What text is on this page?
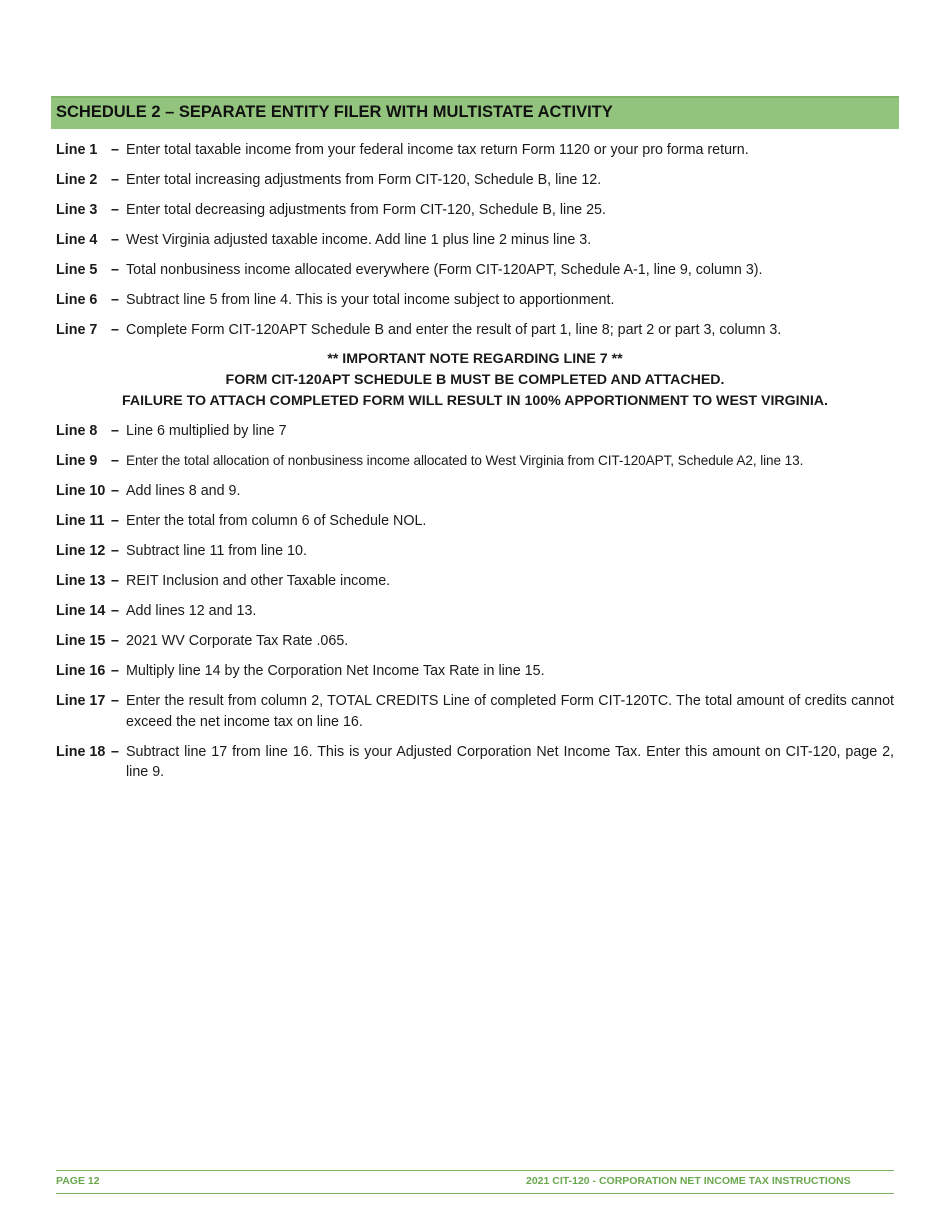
SCHEDULE 2 – SEPARATE ENTITY FILER WITH MULTISTATE ACTIVITY
Line 1 – Enter total taxable income from your federal income tax return Form 1120 or your pro forma return.
Line 2 – Enter total increasing adjustments from Form CIT-120, Schedule B, line 12.
Line 3 – Enter total decreasing adjustments from Form CIT-120, Schedule B, line 25.
Line 4 – West Virginia adjusted taxable income. Add line 1 plus line 2 minus line 3.
Line 5 – Total nonbusiness income allocated everywhere (Form CIT-120APT, Schedule A-1, line 9, column 3).
Line 6 – Subtract line 5 from line 4. This is your total income subject to apportionment.
Line 7 – Complete Form CIT-120APT Schedule B and enter the result of part 1, line 8; part 2 or part 3, column 3.
** IMPORTANT NOTE REGARDING LINE 7 **
FORM CIT-120APT SCHEDULE B MUST BE COMPLETED AND ATTACHED.
FAILURE TO ATTACH COMPLETED FORM WILL RESULT IN 100% APPORTIONMENT TO WEST VIRGINIA.
Line 8 – Line 6 multiplied by line 7
Line 9 – Enter the total allocation of nonbusiness income allocated to West Virginia from CIT-120APT, Schedule A2, line 13.
Line 10 – Add lines 8 and 9.
Line 11 – Enter the total from column 6 of Schedule NOL.
Line 12 – Subtract line 11 from line 10.
Line 13 – REIT Inclusion and other Taxable income.
Line 14 – Add lines 12 and 13.
Line 15 – 2021 WV Corporate Tax Rate .065.
Line 16 – Multiply line 14 by the Corporation Net Income Tax Rate in line 15.
Line 17 – Enter the result from column 2, TOTAL CREDITS Line of completed Form CIT-120TC. The total amount of credits cannot exceed the net income tax on line 16.
Line 18 – Subtract line 17 from line 16. This is your Adjusted Corporation Net Income Tax. Enter this amount on CIT-120, page 2, line 9.
PAGE 12	2021 CIT-120 - CORPORATION NET INCOME TAX INSTRUCTIONS
